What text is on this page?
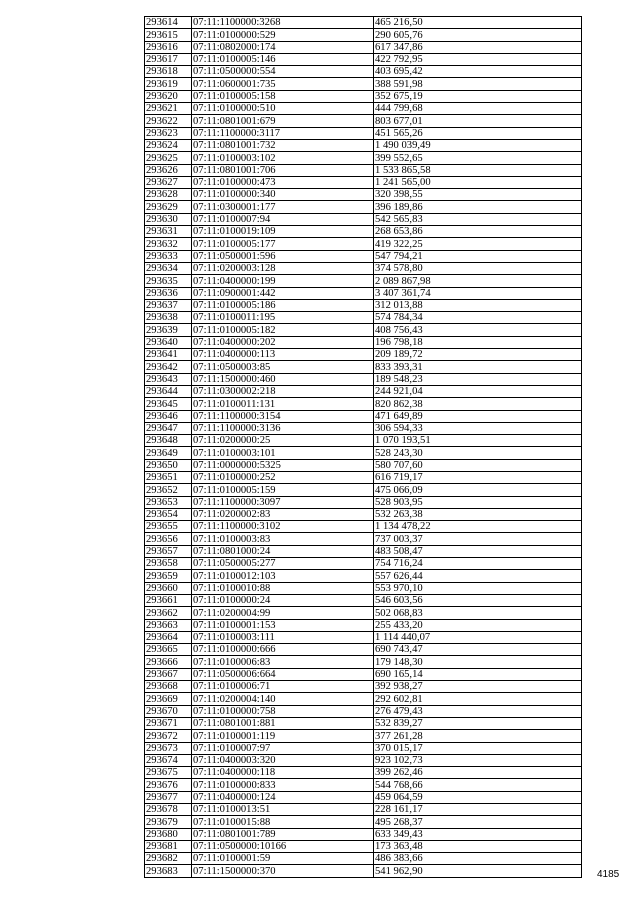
293614	07:11:1100000:3268	465 216,50
293615	07:11:0100000:529	290 605,76
293616	07:11:0802000:174	617 347,86
293617	07:11:0100005:146	422 792,95
293618	07:11:0500000:554	403 695,42
293619	07:11:0600001:735	388 591,98
293620	07:11:0100005:158	352 675,19
293621	07:11:0100000:510	444 799,68
293622	07:11:0801001:679	803 677,01
293623	07:11:1100000:3117	451 565,26
293624	07:11:0801001:732	1 490 039,49
293625	07:11:0100003:102	399 552,65
293626	07:11:0801001:706	1 533 865,58
293627	07:11:0100000:473	1 241 565,00
293628	07:11:0100000:340	320 398,55
293629	07:11:0300001:177	396 189,86
293630	07:11:0100007:94	542 565,83
293631	07:11:0100019:109	268 653,86
293632	07:11:0100005:177	419 322,25
293633	07:11:0500001:596	547 794,21
293634	07:11:0200003:128	374 578,80
293635	07:11:0400000:199	2 089 867,98
293636	07:11:0900001:442	3 407 361,74
293637	07:11:0100005:186	312 013,88
293638	07:11:0100011:195	574 784,34
293639	07:11:0100005:182	408 756,43
293640	07:11:0400000:202	196 798,18
293641	07:11:0400000:113	209 189,72
293642	07:11:0500003:85	833 393,31
293643	07:11:1500000:460	189 548,23
293644	07:11:0300002:218	244 921,04
293645	07:11:0100011:131	820 862,38
293646	07:11:1100000:3154	471 649,89
293647	07:11:1100000:3136	306 594,33
293648	07:11:0200000:25	1 070 193,51
293649	07:11:0100003:101	528 243,30
293650	07:11:0000000:5325	580 707,60
293651	07:11:0100000:252	616 719,17
293652	07:11:0100005:159	475 066,09
293653	07:11:1100000:3097	528 903,95
293654	07:11:0200002:83	532 263,38
293655	07:11:1100000:3102	1 134 478,22
293656	07:11:0100003:83	737 003,37
293657	07:11:0801000:24	483 508,47
293658	07:11:0500005:277	754 716,24
293659	07:11:0100012:103	557 626,44
293660	07:11:0100010:88	553 970,10
293661	07:11:0100000:24	546 603,56
293662	07:11:0200004:99	502 068,83
293663	07:11:0100001:153	255 433,20
293664	07:11:0100003:111	1 114 440,07
293665	07:11:0100000:666	690 743,47
293666	07:11:0100006:83	179 148,30
293667	07:11:0500006:664	690 165,14
293668	07:11:0100006:71	392 938,27
293669	07:11:0200004:140	292 602,81
293670	07:11:0100000:758	276 479,43
293671	07:11:0801001:881	532 839,27
293672	07:11:0100001:119	377 261,28
293673	07:11:0100007:97	370 015,17
293674	07:11:0400003:320	923 102,73
293675	07:11:0400000:118	399 262,46
293676	07:11:0100000:833	544 768,66
293677	07:11:0400000:124	459 064,59
293678	07:11:0100013:51	228 161,17
293679	07:11:0100015:88	495 268,37
293680	07:11:0801001:789	633 349,43
293681	07:11:0500000:10166	173 363,48
293682	07:11:0100001:59	486 383,66
293683	07:11:1500000:370	541 962,90	4185
